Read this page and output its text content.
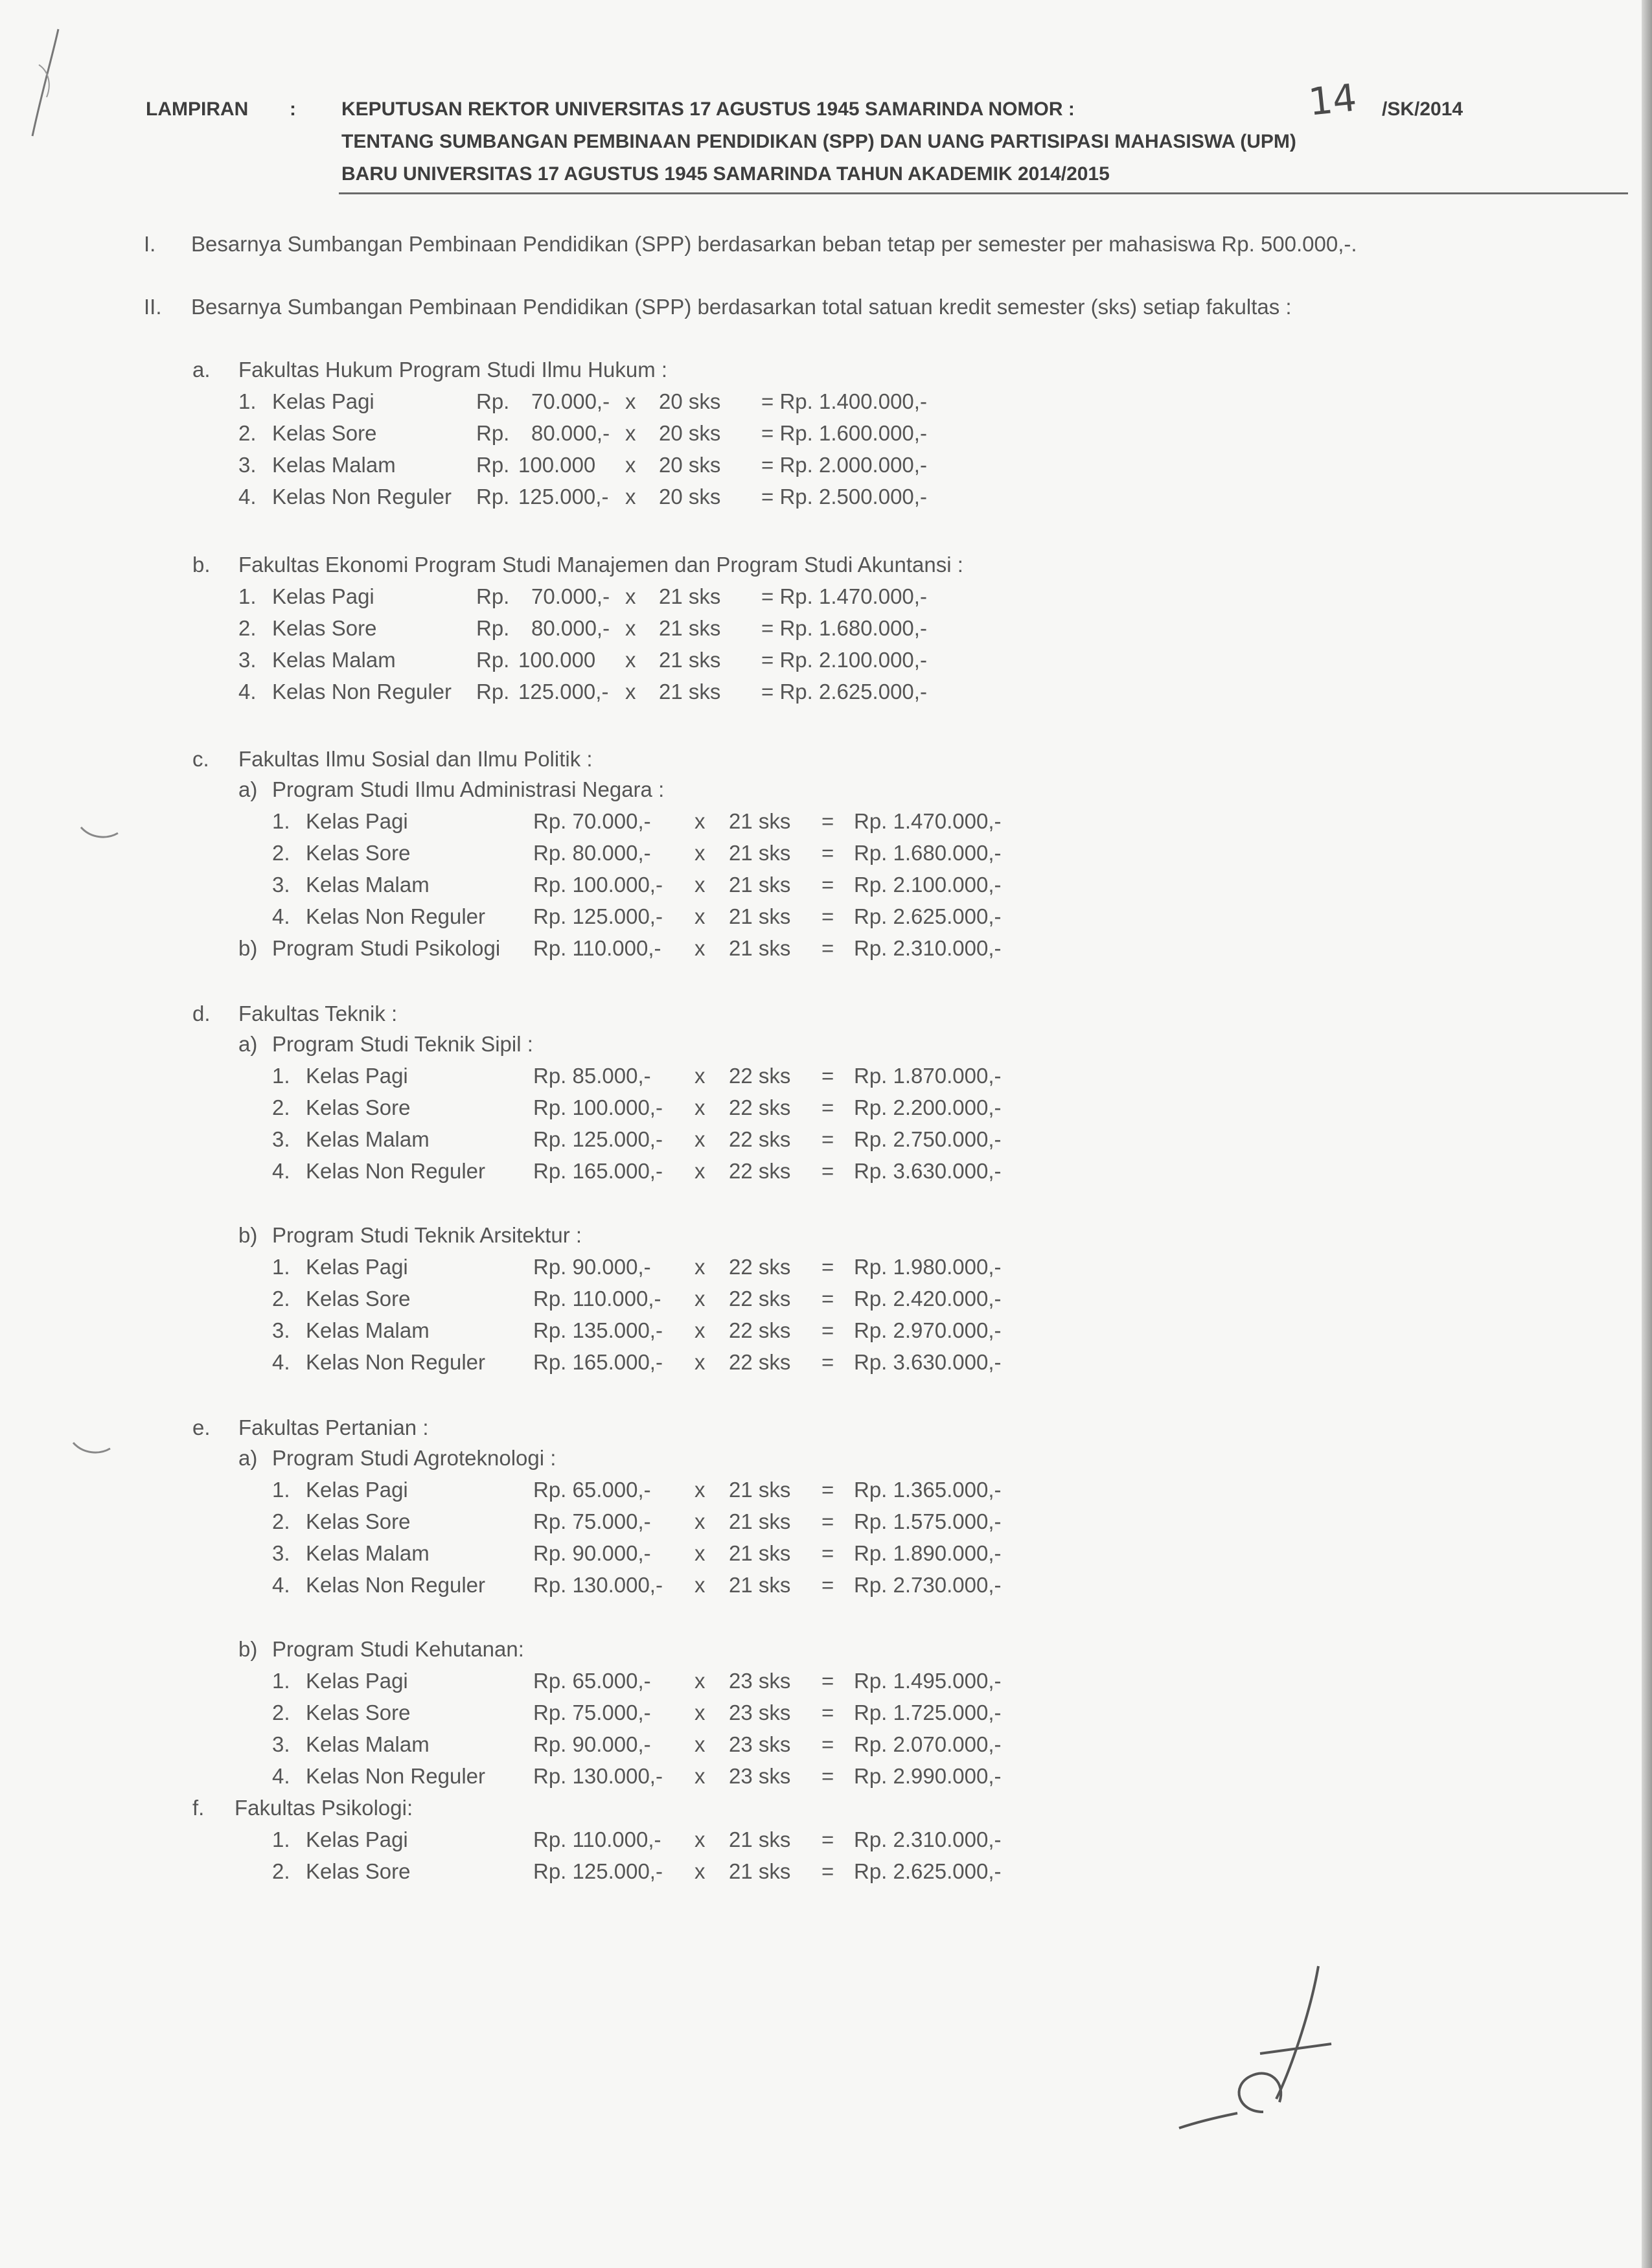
LAMPIRAN : KEPUTUSAN REKTOR UNIVERSITAS 17 AGUSTUS 1945 SAMARINDA NOMOR :	14 /SK/2014
TENTANG SUMBANGAN PEMBINAAN PENDIDIKAN (SPP) DAN UANG PARTISIPASI MAHASISWA (UPM)
BARU UNIVERSITAS 17 AGUSTUS 1945 SAMARINDA TAHUN AKADEMIK 2014/2015
I. Besarnya Sumbangan Pembinaan Pendidikan (SPP) berdasarkan beban tetap per semester per mahasiswa Rp. 500.000,-.
II. Besarnya Sumbangan Pembinaan Pendidikan (SPP) berdasarkan total satuan kredit semester (sks) setiap fakultas :
a. Fakultas Hukum Program Studi Ilmu Hukum :
1. Kelas Pagi	Rp. 70.000,- x 20 sks = Rp. 1.400.000,-
2. Kelas Sore	Rp. 80.000,- x 20 sks = Rp. 1.600.000,-
3. Kelas Malam	Rp. 100.000 x 20 sks = Rp. 2.000.000,-
4. Kelas Non Reguler Rp. 125.000,- x 20 sks = Rp. 2.500.000,-
b. Fakultas Ekonomi Program Studi Manajemen dan Program Studi Akuntansi :
1. Kelas Pagi	Rp. 70.000,- x 21 sks = Rp. 1.470.000,-
2. Kelas Sore	Rp. 80.000,- x 21 sks = Rp. 1.680.000,-
3. Kelas Malam	Rp. 100.000 x 21 sks = Rp. 2.100.000,-
4. Kelas Non Reguler Rp. 125.000,- x 21 sks = Rp. 2.625.000,-
c. Fakultas Ilmu Sosial dan Ilmu Politik :
a) Program Studi Ilmu Administrasi Negara :
1. Kelas Pagi	Rp. 70.000,- x 21 sks = Rp. 1.470.000,-
2. Kelas Sore	Rp. 80.000,- x 21 sks = Rp. 1.680.000,-
3. Kelas Malam	Rp. 100.000,- x 21 sks = Rp. 2.100.000,-
4. Kelas Non Reguler Rp. 125.000,- x 21 sks = Rp. 2.625.000,-
b) Program Studi Psikologi Rp. 110.000,- x 21 sks = Rp. 2.310.000,-
d. Fakultas Teknik :
a) Program Studi Teknik Sipil :
1. Kelas Pagi	Rp. 85.000,- x 22 sks = Rp. 1.870.000,-
2. Kelas Sore	Rp. 100.000,- x 22 sks = Rp. 2.200.000,-
3. Kelas Malam	Rp. 125.000,- x 22 sks = Rp. 2.750.000,-
4. Kelas Non Reguler Rp. 165.000,- x 22 sks = Rp. 3.630.000,-
b) Program Studi Teknik Arsitektur :
1. Kelas Pagi	Rp. 90.000,- x 22 sks = Rp. 1.980.000,-
2. Kelas Sore	Rp. 110.000,- x 22 sks = Rp. 2.420.000,-
3. Kelas Malam	Rp. 135.000,- x 22 sks = Rp. 2.970.000,-
4. Kelas Non Reguler Rp. 165.000,- x 22 sks = Rp. 3.630.000,-
e. Fakultas Pertanian :
a) Program Studi Agroteknologi :
1. Kelas Pagi	Rp. 65.000,- x 21 sks = Rp. 1.365.000,-
2. Kelas Sore	Rp. 75.000,- x 21 sks = Rp. 1.575.000,-
3. Kelas Malam	Rp. 90.000,- x 21 sks = Rp. 1.890.000,-
4. Kelas Non Reguler Rp. 130.000,- x 21 sks = Rp. 2.730.000,-
b) Program Studi Kehutanan:
1. Kelas Pagi	Rp. 65.000,- x 23 sks = Rp. 1.495.000,-
2. Kelas Sore	Rp. 75.000,- x 23 sks = Rp. 1.725.000,-
3. Kelas Malam	Rp. 90.000,- x 23 sks = Rp. 2.070.000,-
4. Kelas Non Reguler Rp. 130.000,- x 23 sks = Rp. 2.990.000,-
f. Fakultas Psikologi:
1. Kelas Pagi	Rp. 110.000,- x 21 sks = Rp. 2.310.000,-
2. Kelas Sore	Rp. 125.000,- x 21 sks = Rp. 2.625.000,-
